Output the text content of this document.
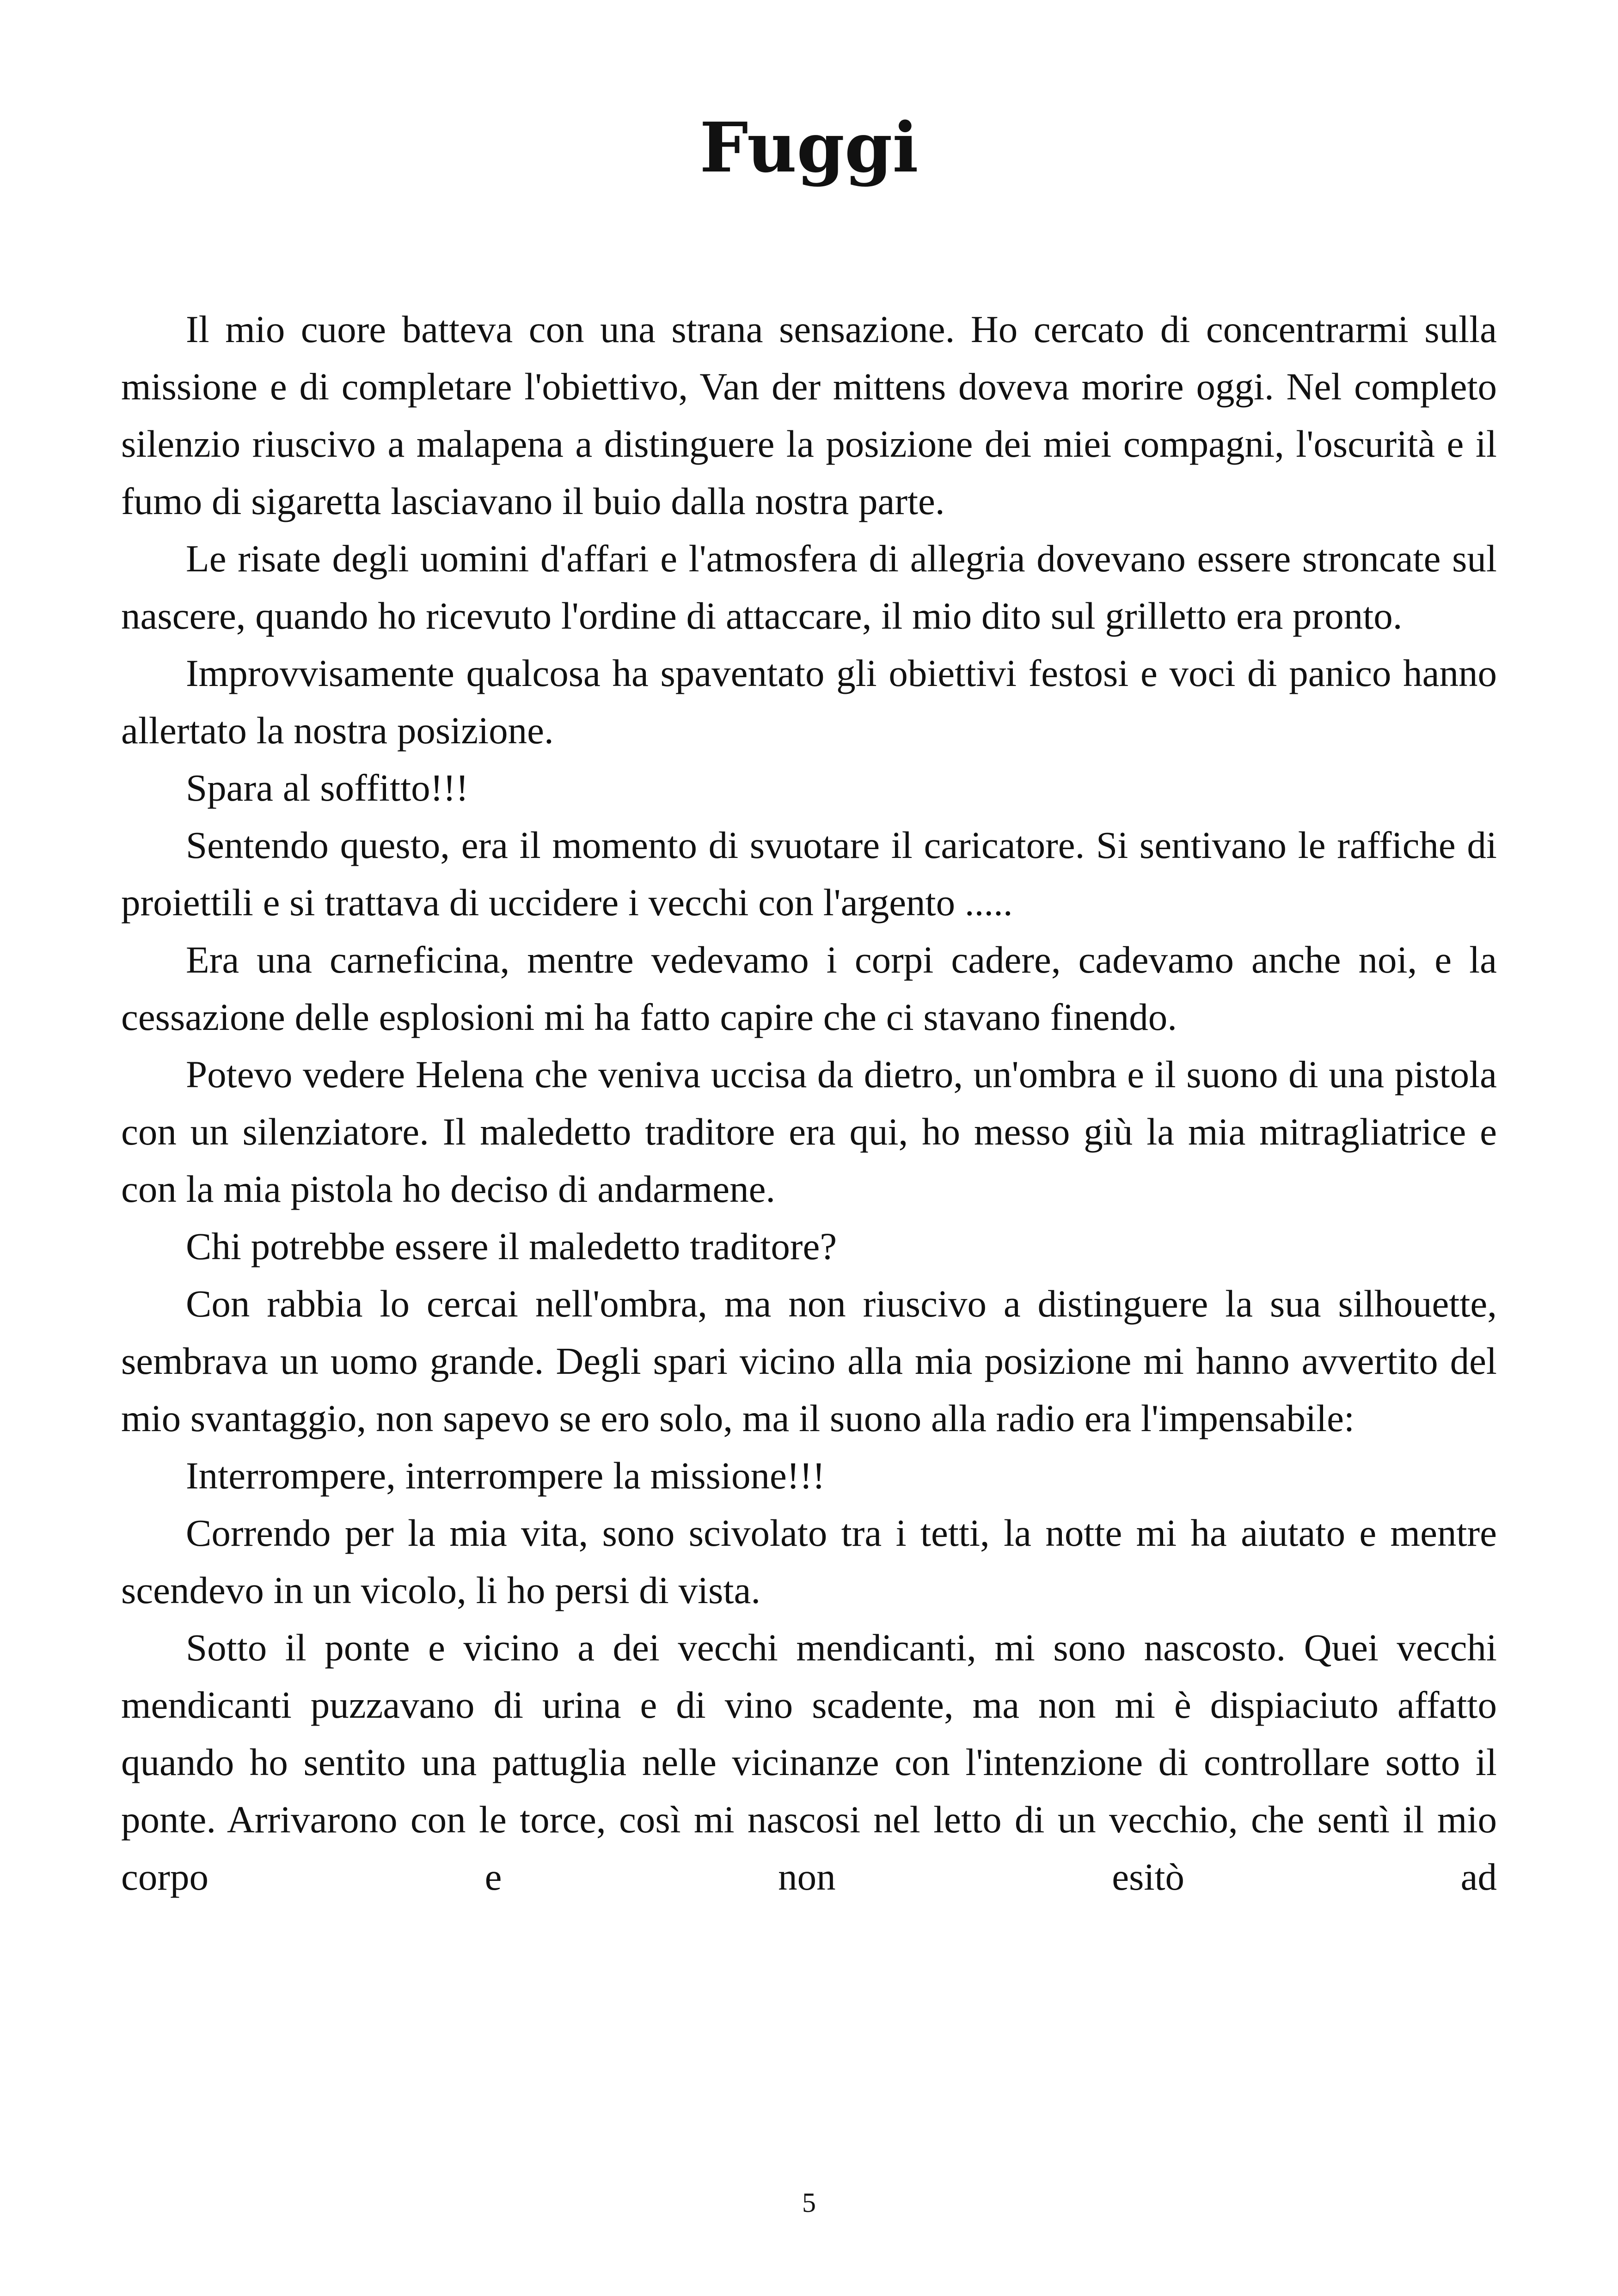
Fuggi

Il mio cuore batteva con una strana sensazione. Ho cercato di concentrarmi sulla missione e di completare l'obiettivo, Van der mittens doveva morire oggi. Nel completo silenzio riuscivo a malapena a distinguere la posizione dei miei compagni, l'oscurità e il fumo di sigaretta lasciavano il buio dalla nostra parte.

Le risate degli uomini d'affari e l'atmosfera di allegria dovevano essere stroncate sul nascere, quando ho ricevuto l'ordine di attaccare, il mio dito sul grilletto era pronto.

Improvvisamente qualcosa ha spaventato gli obiettivi festosi e voci di panico hanno allertato la nostra posizione.

Spara al soffitto!!!

Sentendo questo, era il momento di svuotare il caricatore. Si sentivano le raffiche di proiettili e si trattava di uccidere i vecchi con l'argento .....

Era una carneficina, mentre vedevamo i corpi cadere, cadevamo anche noi, e la cessazione delle esplosioni mi ha fatto capire che ci stavano finendo.

Potevo vedere Helena che veniva uccisa da dietro, un'ombra e il suono di una pistola con un silenziatore. Il maledetto traditore era qui, ho messo giù la mia mitragliatrice e con la mia pistola ho deciso di andarmene.

Chi potrebbe essere il maledetto traditore?

Con rabbia lo cercai nell'ombra, ma non riuscivo a distinguere la sua silhouette, sembrava un uomo grande. Degli spari vicino alla mia posizione mi hanno avvertito del mio svantaggio, non sapevo se ero solo, ma il suono alla radio era l'impensabile:

Interrompere, interrompere la missione!!!

Correndo per la mia vita, sono scivolato tra i tetti, la notte mi ha aiutato e mentre scendevo in un vicolo, li ho persi di vista.

Sotto il ponte e vicino a dei vecchi mendicanti, mi sono nascosto. Quei vecchi mendicanti puzzavano di urina e di vino scadente, ma non mi è dispiaciuto affatto quando ho sentito una pattuglia nelle vicinanze con l'intenzione di controllare sotto il ponte. Arrivarono con le torce, così mi nascosi nel letto di un vecchio, che sentì il mio corpo e non esitò ad

5
